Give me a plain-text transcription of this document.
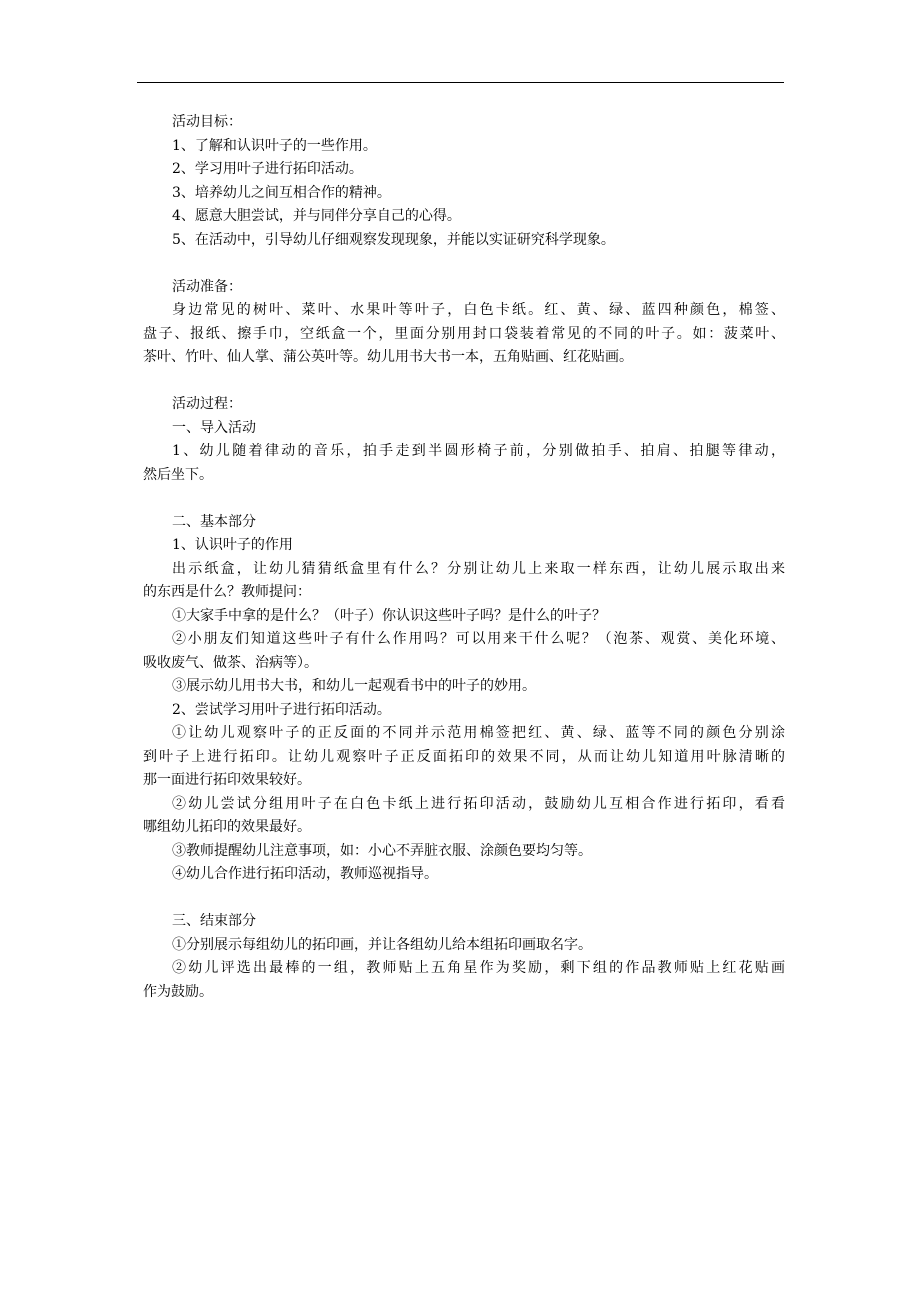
活动目标：
1、了解和认识叶子的一些作用。
2、学习用叶子进行拓印活动。
3、培养幼儿之间互相合作的精神。
4、愿意大胆尝试，并与同伴分享自己的心得。
5、在活动中，引导幼儿仔细观察发现现象，并能以实证研究科学现象。
活动准备：
身边常见的树叶、菜叶、水果叶等叶子，白色卡纸。红、黄、绿、蓝四种颜色，棉签、
盘子、报纸、擦手巾，空纸盒一个，里面分别用封口袋装着常见的不同的叶子。如：菠菜叶、
茶叶、竹叶、仙人掌、蒲公英叶等。幼儿用书大书一本，五角贴画、红花贴画。
活动过程：
一、导入活动
1、幼儿随着律动的音乐，拍手走到半圆形椅子前，分别做拍手、拍肩、拍腿等律动，
然后坐下。
二、基本部分
1、认识叶子的作用
出示纸盒，让幼儿猜猜纸盒里有什么？分别让幼儿上来取一样东西，让幼儿展示取出来
的东西是什么？教师提问：
①大家手中拿的是什么？（叶子）你认识这些叶子吗？是什么的叶子？
②小朋友们知道这些叶子有什么作用吗？可以用来干什么呢？（泡茶、观赏、美化环境、
吸收废气、做茶、治病等）。
③展示幼儿用书大书，和幼儿一起观看书中的叶子的妙用。
2、尝试学习用叶子进行拓印活动。
①让幼儿观察叶子的正反面的不同并示范用棉签把红、黄、绿、蓝等不同的颜色分别涂
到叶子上进行拓印。让幼儿观察叶子正反面拓印的效果不同，从而让幼儿知道用叶脉清晰的
那一面进行拓印效果较好。
②幼儿尝试分组用叶子在白色卡纸上进行拓印活动，鼓励幼儿互相合作进行拓印，看看
哪组幼儿拓印的效果最好。
③教师提醒幼儿注意事项，如：小心不弄脏衣服、涂颜色要均匀等。
④幼儿合作进行拓印活动，教师巡视指导。
三、结束部分
①分别展示每组幼儿的拓印画，并让各组幼儿给本组拓印画取名字。
②幼儿评选出最棒的一组，教师贴上五角星作为奖励，剩下组的作品教师贴上红花贴画
作为鼓励。
